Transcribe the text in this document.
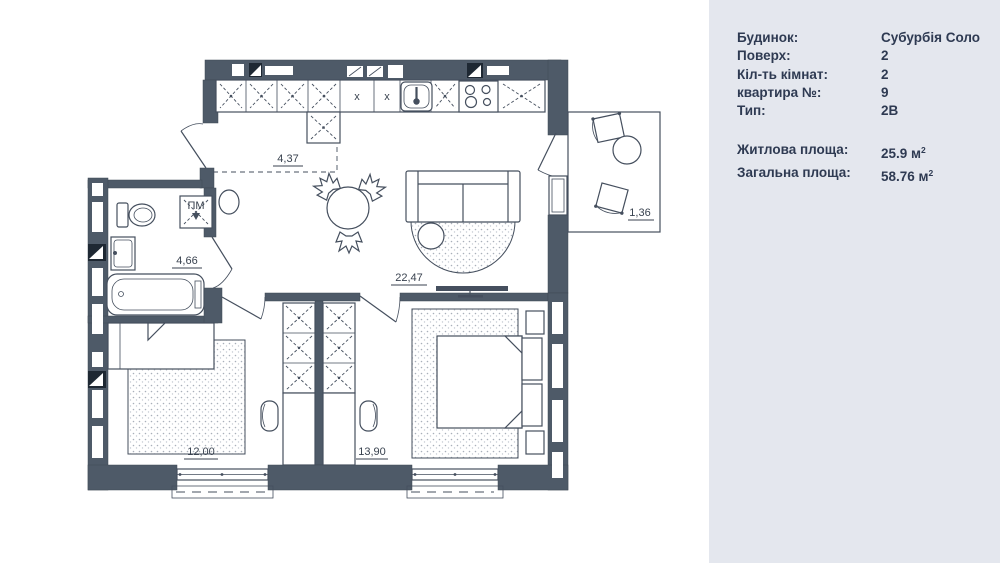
4,37
x x
ПМ
4,66
22,47
1,36
12,00	13,90
Будинок:	Субурбія Соло
Поверх:	2
Кіл-ть кімнат:	2
квартира №:	9
Тип:	2В
Житлова площа:	25.9 $м^2$
Загальна площа:	58.76 $м^2$
